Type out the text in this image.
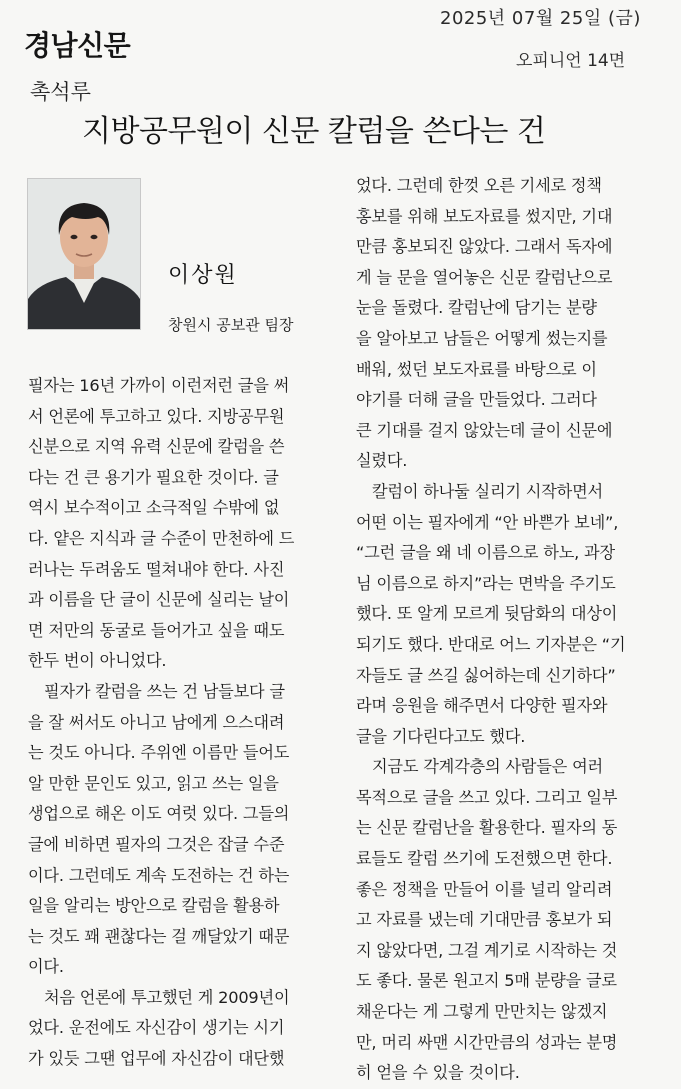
2025년 07월 25일 (금)
경남신문	오피니언 14면
촉석루
지방공무원이 신문 칼럼을 쓴다는 건
이상원
창원시 공보관 팀장

필자는 16년 가까이 이런저런 글을 써

서 언론에 투고하고 있다. 지방공무원

신분으로 지역 유력 신문에 칼럼을 쓴

다는 건 큰 용기가 필요한 것이다. 글

역시 보수적이고 소극적일 수밖에 없

다. 얕은 지식과 글 수준이 만천하에 드

러나는 두려움도 떨쳐내야 한다. 사진

과 이름을 단 글이 신문에 실리는 날이

면 저만의 동굴로 들어가고 싶을 때도

한두 번이 아니었다.

　필자가 칼럼을 쓰는 건 남들보다 글

을 잘 써서도 아니고 남에게 으스대려

는 것도 아니다. 주위엔 이름만 들어도

알 만한 문인도 있고, 읽고 쓰는 일을

생업으로 해온 이도 여럿 있다. 그들의

글에 비하면 필자의 그것은 잡글 수준

이다. 그런데도 계속 도전하는 건 하는

일을 알리는 방안으로 칼럼을 활용하

는 것도 꽤 괜찮다는 걸 깨달았기 때문

이다.

　처음 언론에 투고했던 게 2009년이

었다. 운전에도 자신감이 생기는 시기

가 있듯 그땐 업무에 자신감이 대단했

었다. 그런데 한껏 오른 기세로 정책

홍보를 위해 보도자료를 썼지만, 기대

만큼 홍보되진 않았다. 그래서 독자에

게 늘 문을 열어놓은 신문 칼럼난으로

눈을 돌렸다. 칼럼난에 담기는 분량

을 알아보고 남들은 어떻게 썼는지를

배워, 썼던 보도자료를 바탕으로 이

야기를 더해 글을 만들었다. 그러다

큰 기대를 걸지 않았는데 글이 신문에

실렸다.

　칼럼이 하나둘 실리기 시작하면서

어떤 이는 필자에게 “안 바쁜가 보네”,

“그런 글을 왜 네 이름으로 하노, 과장

님 이름으로 하지”라는 면박을 주기도

했다. 또 알게 모르게 뒷담화의 대상이

되기도 했다. 반대로 어느 기자분은 “기

자들도 글 쓰길 싫어하는데 신기하다”

라며 응원을 해주면서 다양한 필자와

글을 기다린다고도 했다.

　지금도 각계각층의 사람들은 여러

목적으로 글을 쓰고 있다. 그리고 일부

는 신문 칼럼난을 활용한다. 필자의 동

료들도 칼럼 쓰기에 도전했으면 한다.

좋은 정책을 만들어 이를 널리 알리려

고 자료를 냈는데 기대만큼 홍보가 되

지 않았다면, 그걸 계기로 시작하는 것

도 좋다. 물론 원고지 5매 분량을 글로

채운다는 게 그렇게 만만치는 않겠지

만, 머리 싸맨 시간만큼의 성과는 분명

히 얻을 수 있을 것이다.
